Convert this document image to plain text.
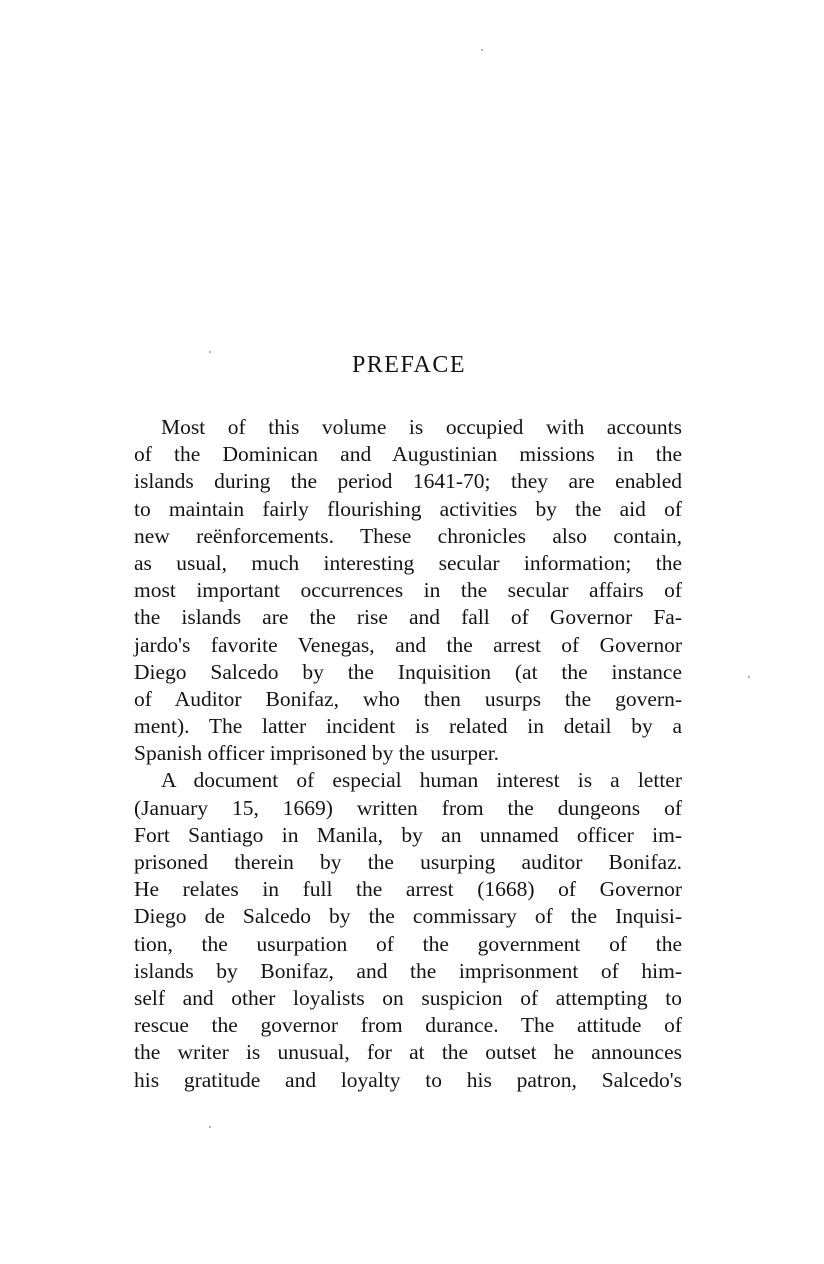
PREFACE
Most of this volume is occupied with accounts
of the Dominican and Augustinian missions in the
islands during the period 1641-70; they are enabled
to maintain fairly flourishing activities by the aid of
new reënforcements. These chronicles also contain,
as usual, much interesting secular information; the
most important occurrences in the secular affairs of
the islands are the rise and fall of Governor Fa-
jardo's favorite Venegas, and the arrest of Governor
Diego Salcedo by the Inquisition (at the instance
of Auditor Bonifaz, who then usurps the govern-
ment). The latter incident is related in detail by a
Spanish officer imprisoned by the usurper.
A document of especial human interest is a letter
(January 15, 1669) written from the dungeons of
Fort Santiago in Manila, by an unnamed officer im-
prisoned therein by the usurping auditor Bonifaz.
He relates in full the arrest (1668) of Governor
Diego de Salcedo by the commissary of the Inquisi-
tion, the usurpation of the government of the
islands by Bonifaz, and the imprisonment of him-
self and other loyalists on suspicion of attempting to
rescue the governor from durance. The attitude of
the writer is unusual, for at the outset he announces
his gratitude and loyalty to his patron, Salcedo's
